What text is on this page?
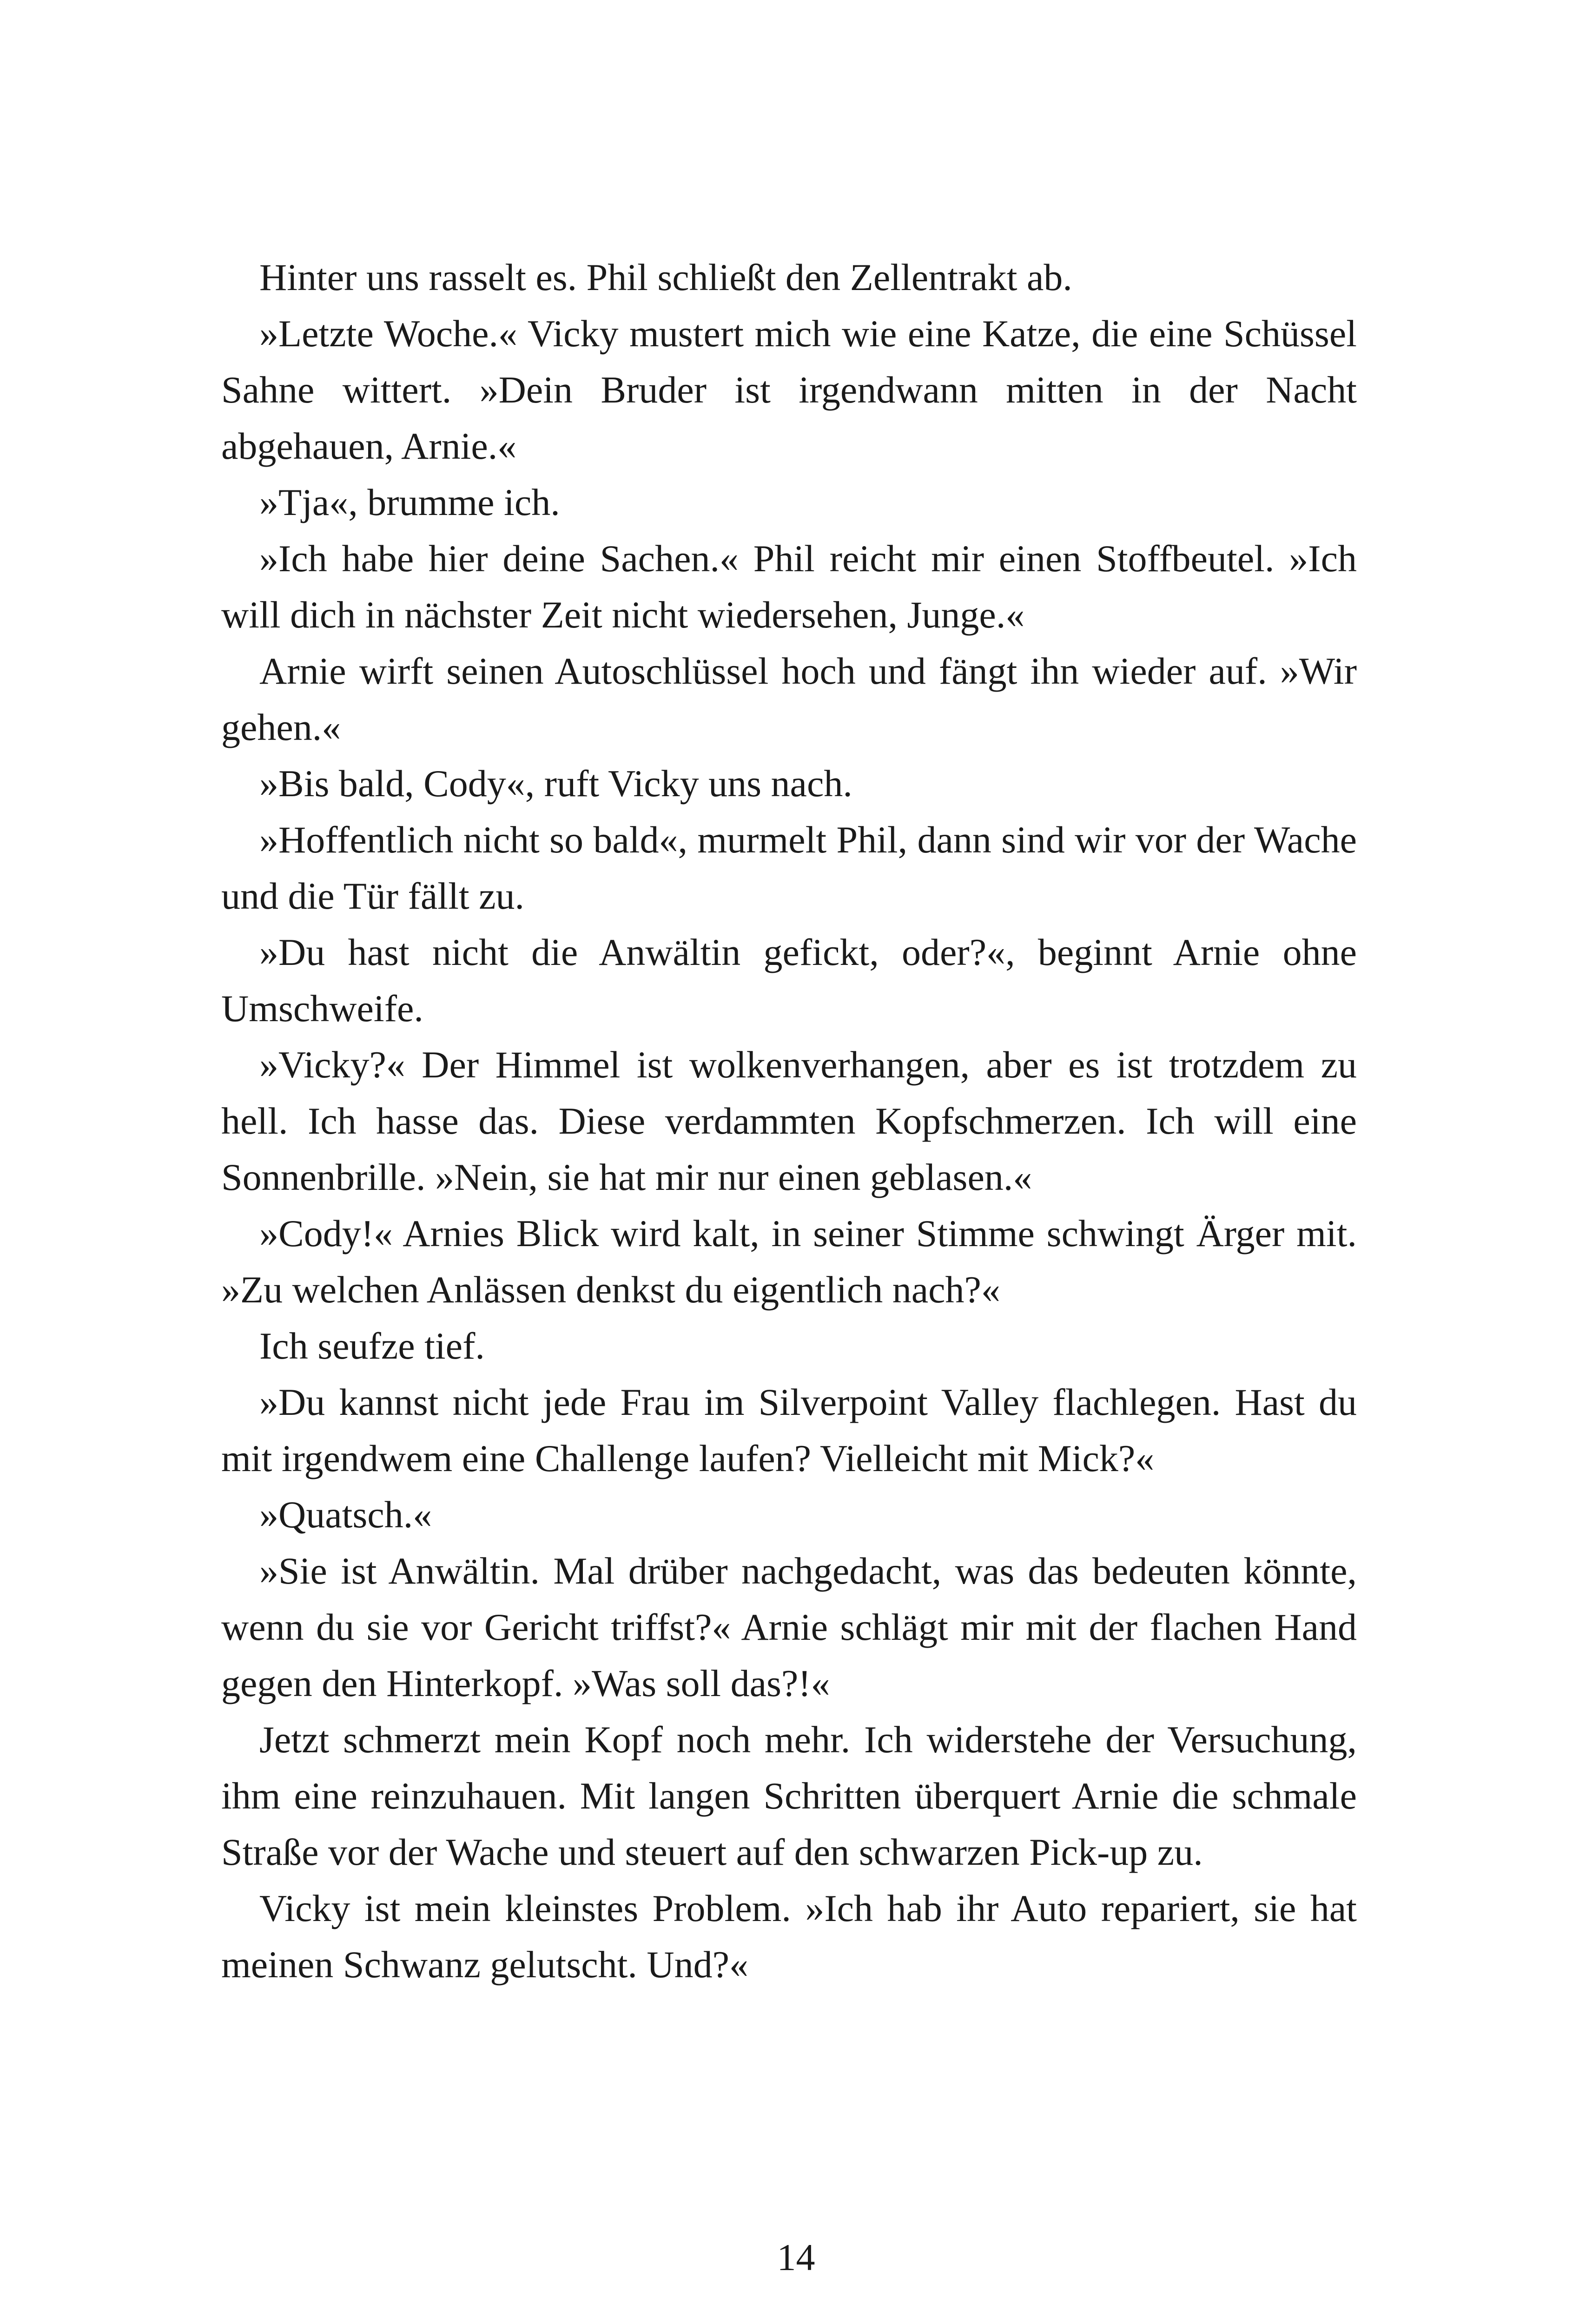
Hinter uns rasselt es. Phil schließt den Zellentrakt ab.

»Letzte Woche.« Vicky mustert mich wie eine Katze, die eine Schüssel Sahne wittert. »Dein Bruder ist irgendwann mitten in der Nacht abgehauen, Arnie.«

»Tja«, brumme ich.

»Ich habe hier deine Sachen.« Phil reicht mir einen Stoffbeutel. »Ich will dich in nächster Zeit nicht wiedersehen, Junge.«

Arnie wirft seinen Autoschlüssel hoch und fängt ihn wieder auf. »Wir gehen.«

»Bis bald, Cody«, ruft Vicky uns nach.

»Hoffentlich nicht so bald«, murmelt Phil, dann sind wir vor der Wache und die Tür fällt zu.

»Du hast nicht die Anwältin gefickt, oder?«, beginnt Arnie ohne Umschweife.

»Vicky?« Der Himmel ist wolkenverhangen, aber es ist trotzdem zu hell. Ich hasse das. Diese verdammten Kopfschmerzen. Ich will eine Sonnenbrille. »Nein, sie hat mir nur einen geblasen.«

»Cody!« Arnies Blick wird kalt, in seiner Stimme schwingt Ärger mit. »Zu welchen Anlässen denkst du eigentlich nach?«

Ich seufze tief.

»Du kannst nicht jede Frau im Silverpoint Valley flachlegen. Hast du mit irgendwem eine Challenge laufen? Vielleicht mit Mick?«

»Quatsch.«

»Sie ist Anwältin. Mal drüber nachgedacht, was das bedeuten könnte, wenn du sie vor Gericht triffst?« Arnie schlägt mir mit der flachen Hand gegen den Hinterkopf. »Was soll das?!«

Jetzt schmerzt mein Kopf noch mehr. Ich widerstehe der Versuchung, ihm eine reinzuhauen. Mit langen Schritten überquert Arnie die schmale Straße vor der Wache und steuert auf den schwarzen Pick-up zu.

Vicky ist mein kleinstes Problem. »Ich hab ihr Auto repariert, sie hat meinen Schwanz gelutscht. Und?«

14
